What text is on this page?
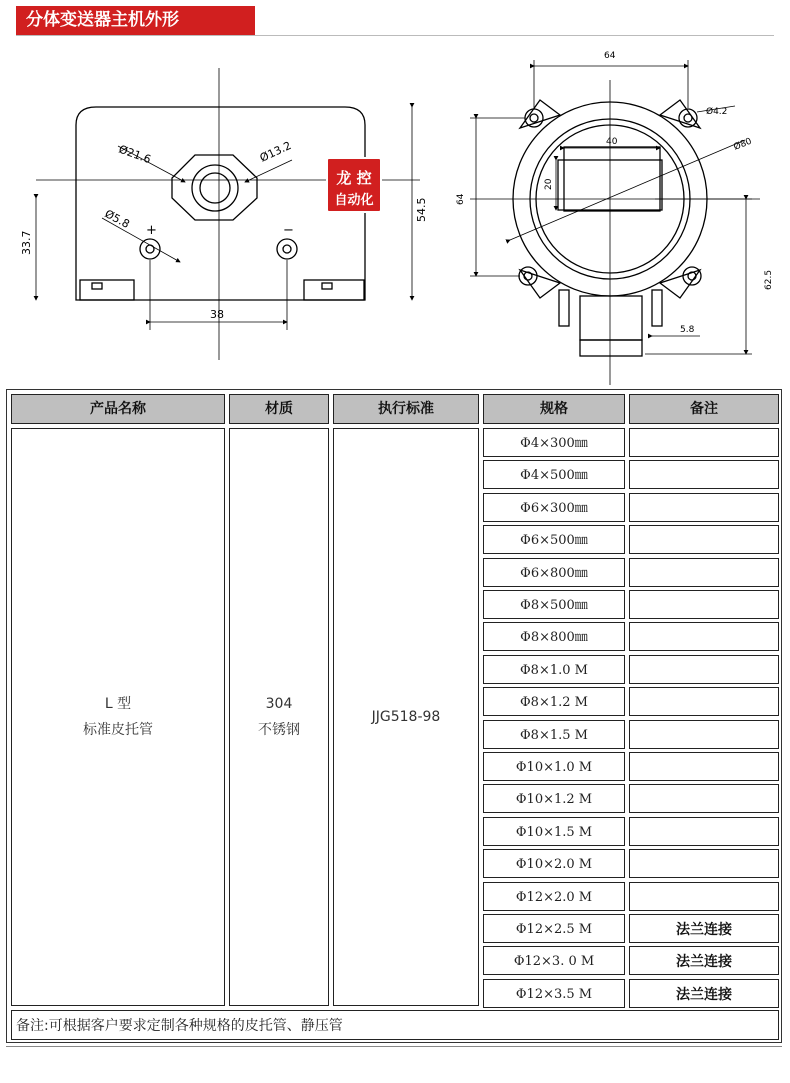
分体变送器主机外形
Ø21.6	Ø13.2
Ø5.8 +	−
33.7
54.5
38
龙 控
自动化
64
Ø4.2
40	Ø80
20
64
62.5
5.8
产品名称	材质	执行标准	规格	备注
L 型
标准皮托管
304
不锈钢
JJG518-98
Φ4×300㎜
Φ4×500㎜
Φ6×300㎜
Φ6×500㎜
Φ6×800㎜
Φ8×500㎜
Φ8×800㎜
Φ8×1.0 M
Φ8×1.2 M
Φ8×1.5 M
Φ10×1.0 M
Φ10×1.2 M
Φ10×1.5 M
Φ10×2.0 M
Φ12×2.0 M
Φ12×2.5 M	法兰连接
Φ12×3. 0 M	法兰连接
Φ12×3.5 M	法兰连接
备注:可根据客户要求定制各种规格的皮托管、静压管
